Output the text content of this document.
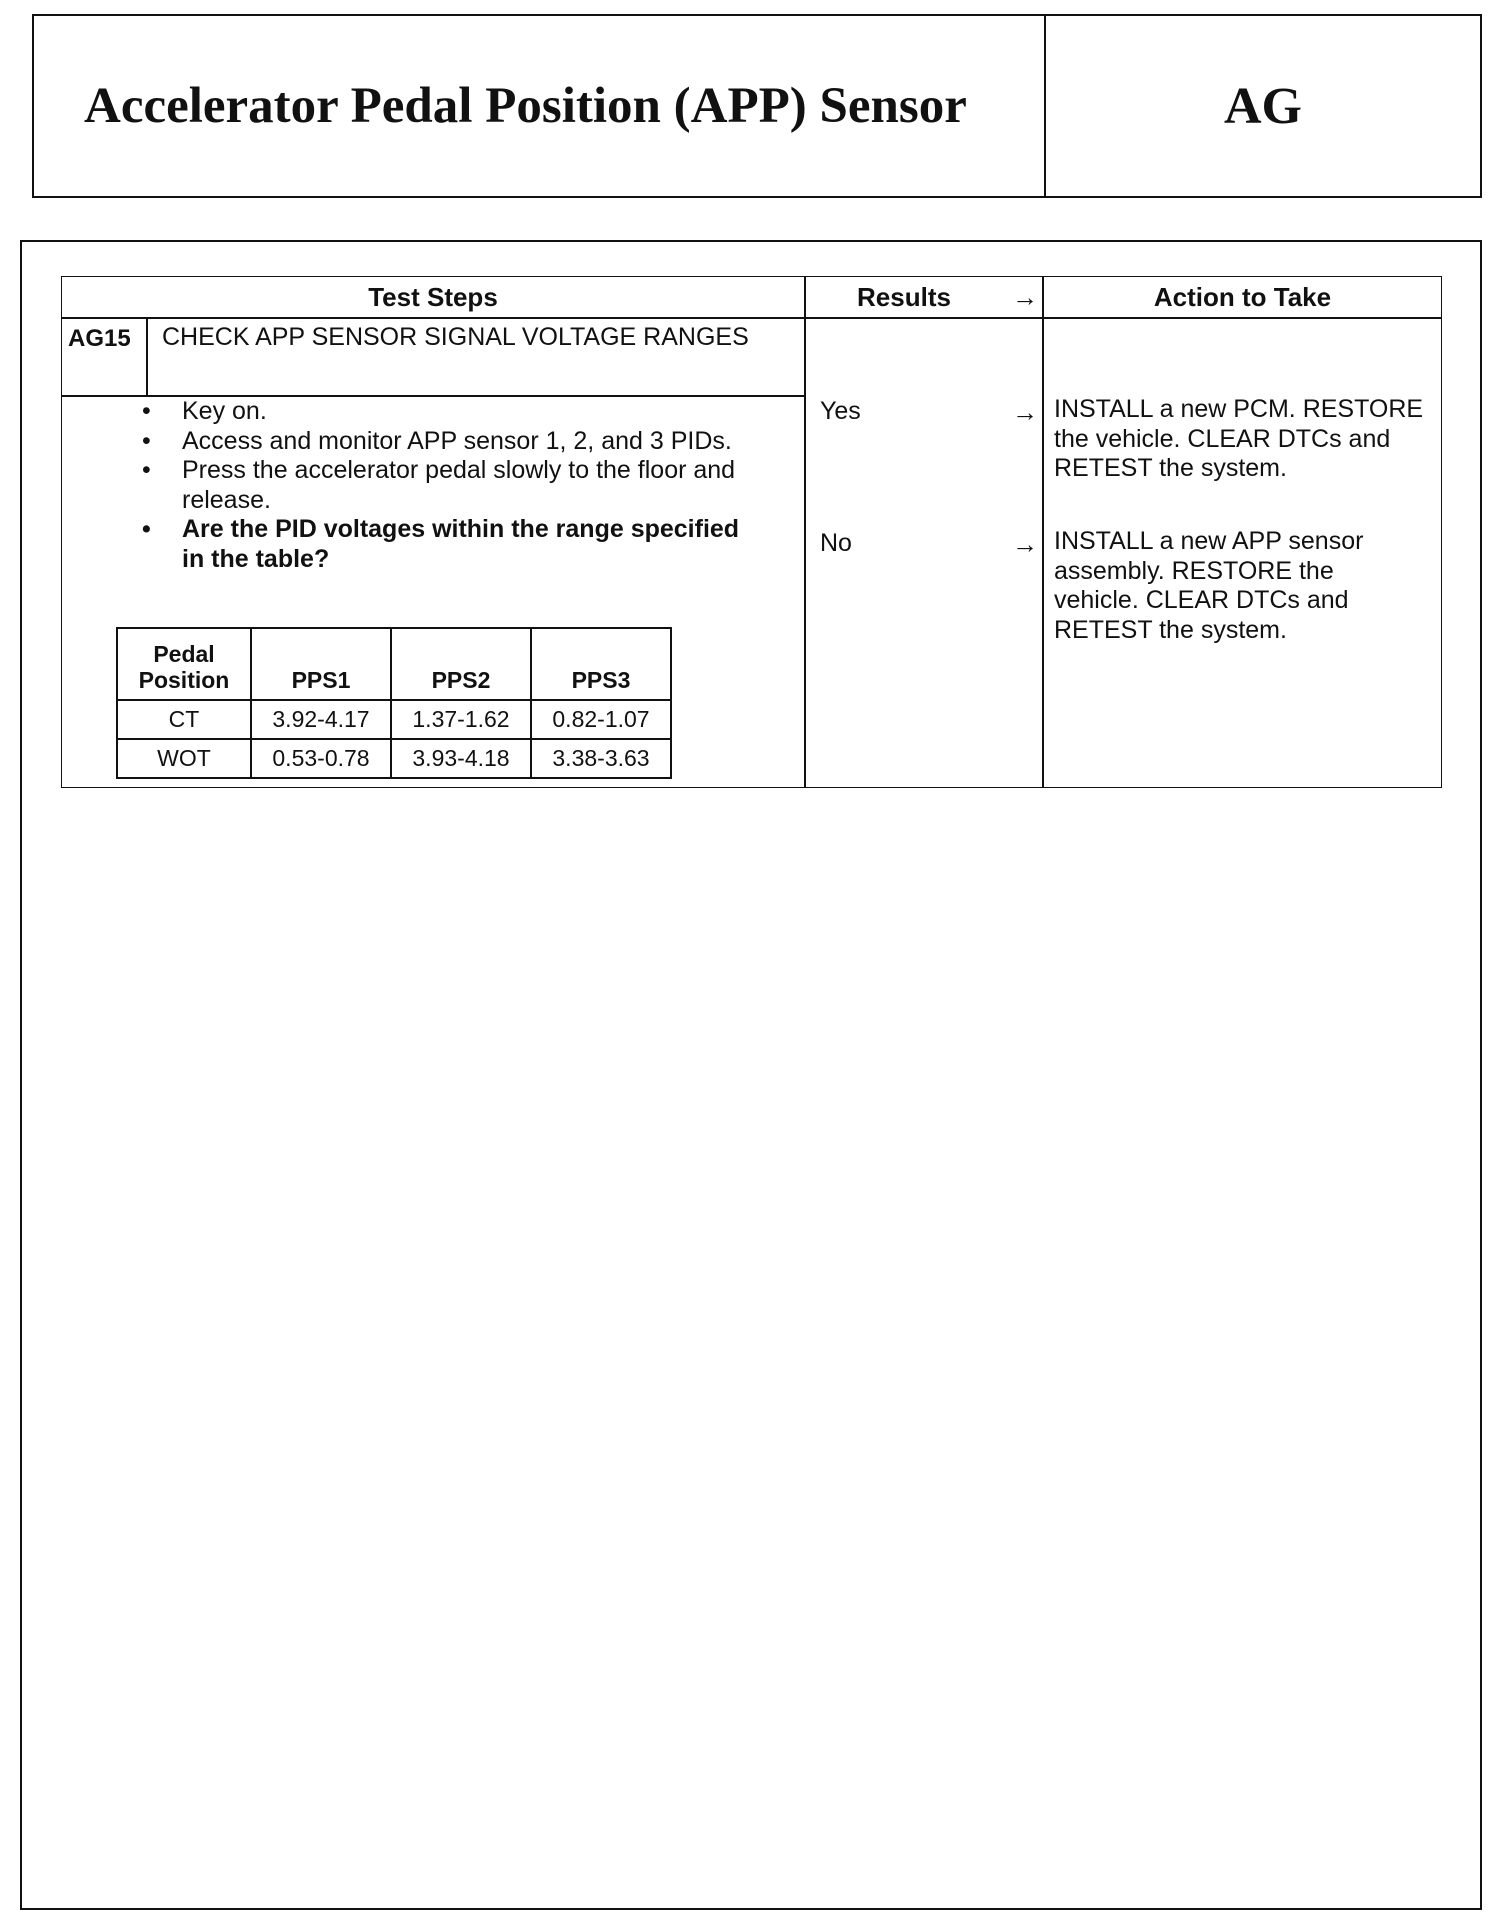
Accelerator Pedal Position (APP) Sensor	AG
Test Steps	Results	→	Action to Take
AG15 CHECK APP SENSOR SIGNAL VOLTAGE RANGES
• Key on.
• Access and monitor APP sensor 1, 2, and 3 PIDs.
• Press the accelerator pedal slowly to the floor and release.
• Are the PID voltages within the range specified in the table?
Pedal Position	PPS1	PPS2	PPS3
CT	3.92-4.17	1.37-1.62	0.82-1.07
WOT	0.53-0.78	3.93-4.18	3.38-3.63
Yes	→ INSTALL a new PCM. RESTORE the vehicle. CLEAR DTCs and RETEST the system.
No	→ INSTALL a new APP sensor assembly. RESTORE the vehicle. CLEAR DTCs and RETEST the system.
